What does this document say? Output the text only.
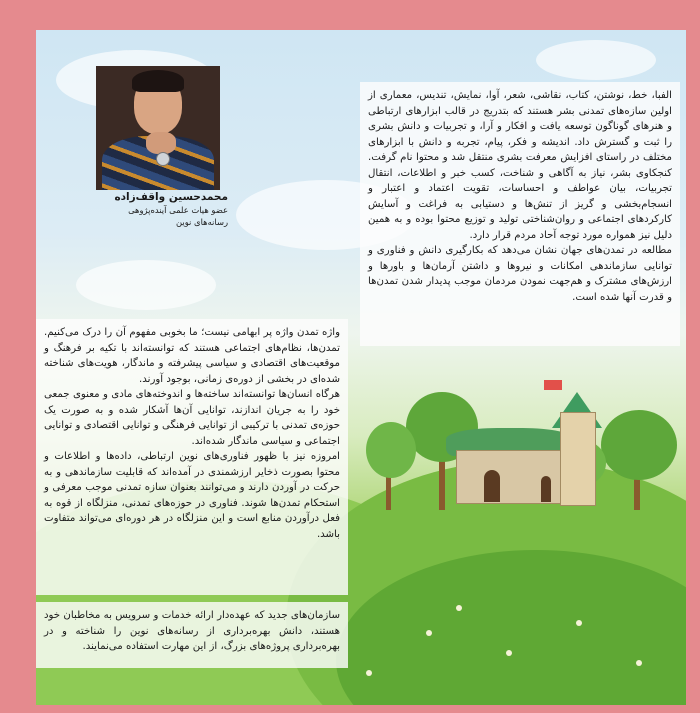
محمدحسین واقف‌زاده
عضو هیات علمی آینده‌پژوهی رسانه‌های نوین

الفبا، خط، نوشتن، کتاب، نقاشی، شعر، آوا، نمایش، تندیس، معماری از اولین سازه‌های تمدنی بشر هستند که بتدریج در قالب ابزارهای ارتباطی و هنرهای گوناگون توسعه یافت و افکار و آرا، و تجربیات و دانش بشری را ثبت و گسترش داد. اندیشه و فکر، پیام، تجربه و دانش با ابزارهای مختلف در راستای افزایش معرفت بشری منتقل شد و محتوا نام گرفت. کنجکاوی بشر، نیاز به آگاهی و شناخت، کسب خبر و اطلاعات، انتقال تجربیات، بیان عواطف و احساسات، تقویت اعتماد و اعتبار و انسجام‌بخشی و گریز از تنش‌ها و دستیابی به فراغت و آسایش کارکردهای اجتماعی و روان‌شناختی تولید و توزیع محتوا بوده و به همین دلیل نیز همواره مورد توجه آحاد مردم قرار دارد.

مطالعه در تمدن‌های جهان نشان می‌دهد که بکارگیری دانش و فناوری و توانایی سازماندهی امکانات و نیروها و داشتن آرمان‌ها و باورها و ارزش‌های مشترک و هم‌جهت نمودن مردمان موجب پدیدار شدن تمدن‌ها و قدرت آنها شده است.

واژه تمدن واژه پر ابهامی نیست؛ ما بخوبی مفهوم آن را درک می‌کنیم. تمدن‌ها، نظام‌های اجتماعی هستند که توانسته‌اند با تکیه بر فرهنگ و موقعیت‌های اقتصادی و سیاسی پیشرفته و ماندگار، هویت‌های شناخته شده‌ای در بخشی از دوره‌ی زمانی، بوجود آورند.

هرگاه انسان‌ها توانسته‌اند ساخته‌ها و اندوخته‌های مادی و معنوی جمعی خود را به جریان اندازند، توانایی آن‌ها آشکار شده و به صورت یک حوزه‌ی تمدنی با ترکیبی از توانایی فرهنگی و توانایی اقتصادی و توانایی اجتماعی و سیاسی ماندگار شده‌اند.

امروزه نیز با ظهور فناوری‌های نوین ارتباطی، داده‌ها و اطلاعات و محتوا بصورت ذخایر ارزشمندی در آمده‌اند که قابلیت سازماندهی و به حرکت در آوردن دارند و می‌توانند بعنوان سازه تمدنی موجب معرفی و استحکام تمدن‌ها شوند. فناوری در حوزه‌های تمدنی، منزلگاه از قوه به فعل درآوردن منابع است و این منزلگاه در هر دوره‌ای می‌تواند متفاوت باشد.

سازمان‌های جدید که عهده‌دار ارائه خدمات و سرویس به مخاطبان خود هستند، دانش بهره‌برداری از رسانه‌های نوین را شناخته و در بهره‌برداری پروژه‌های بزرگ، از این مهارت استفاده می‌نمایند.
